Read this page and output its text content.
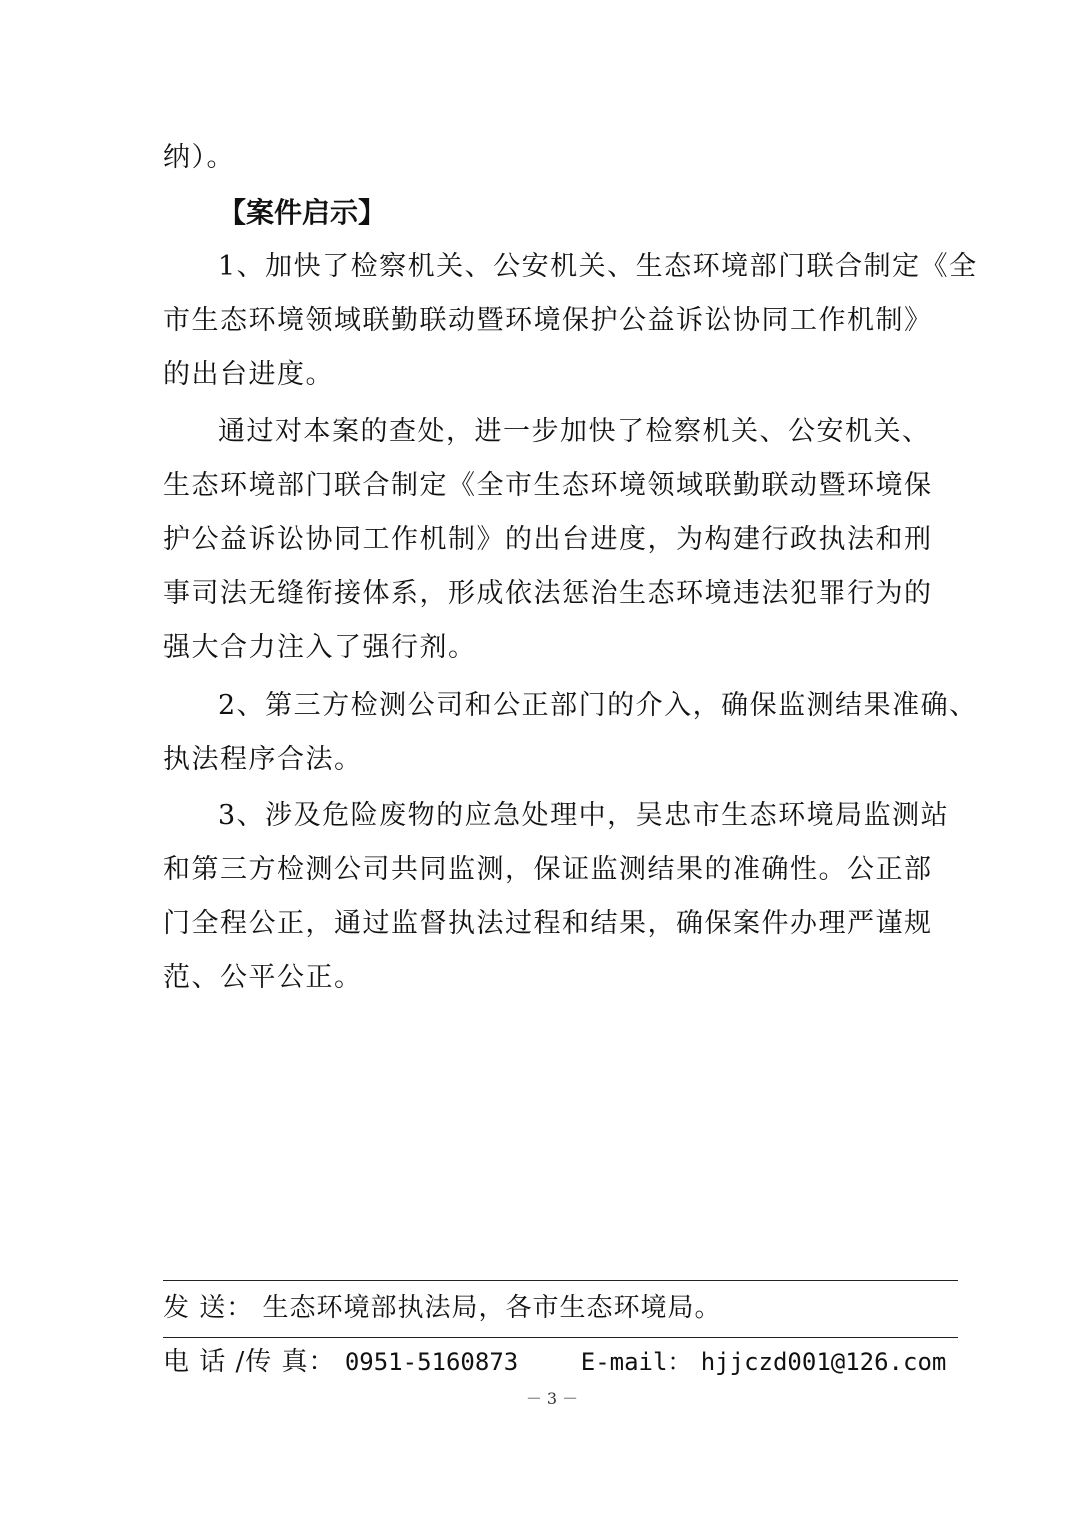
纳）。
【案件启示】
1、加快了检察机关、公安机关、生态环境部门联合制定《全
市生态环境领域联勤联动暨环境保护公益诉讼协同工作机制》
的出台进度。
通过对本案的查处，进一步加快了检察机关、公安机关、
生态环境部门联合制定《全市生态环境领域联勤联动暨环境保
护公益诉讼协同工作机制》的出台进度，为构建行政执法和刑
事司法无缝衔接体系，形成依法惩治生态环境违法犯罪行为的
强大合力注入了强行剂。
2、第三方检测公司和公正部门的介入，确保监测结果准确、
执法程序合法。
3、涉及危险废物的应急处理中，吴忠市生态环境局监测站
和第三方检测公司共同监测，保证监测结果的准确性。公正部
门全程公正，通过监督执法过程和结果，确保案件办理严谨规
范、公平公正。
发 送： 生态环境部执法局，各市生态环境局。
电 话 /传 真： 0951-5160873	E-mail： hjjczd001@126.com
－ 3 －
